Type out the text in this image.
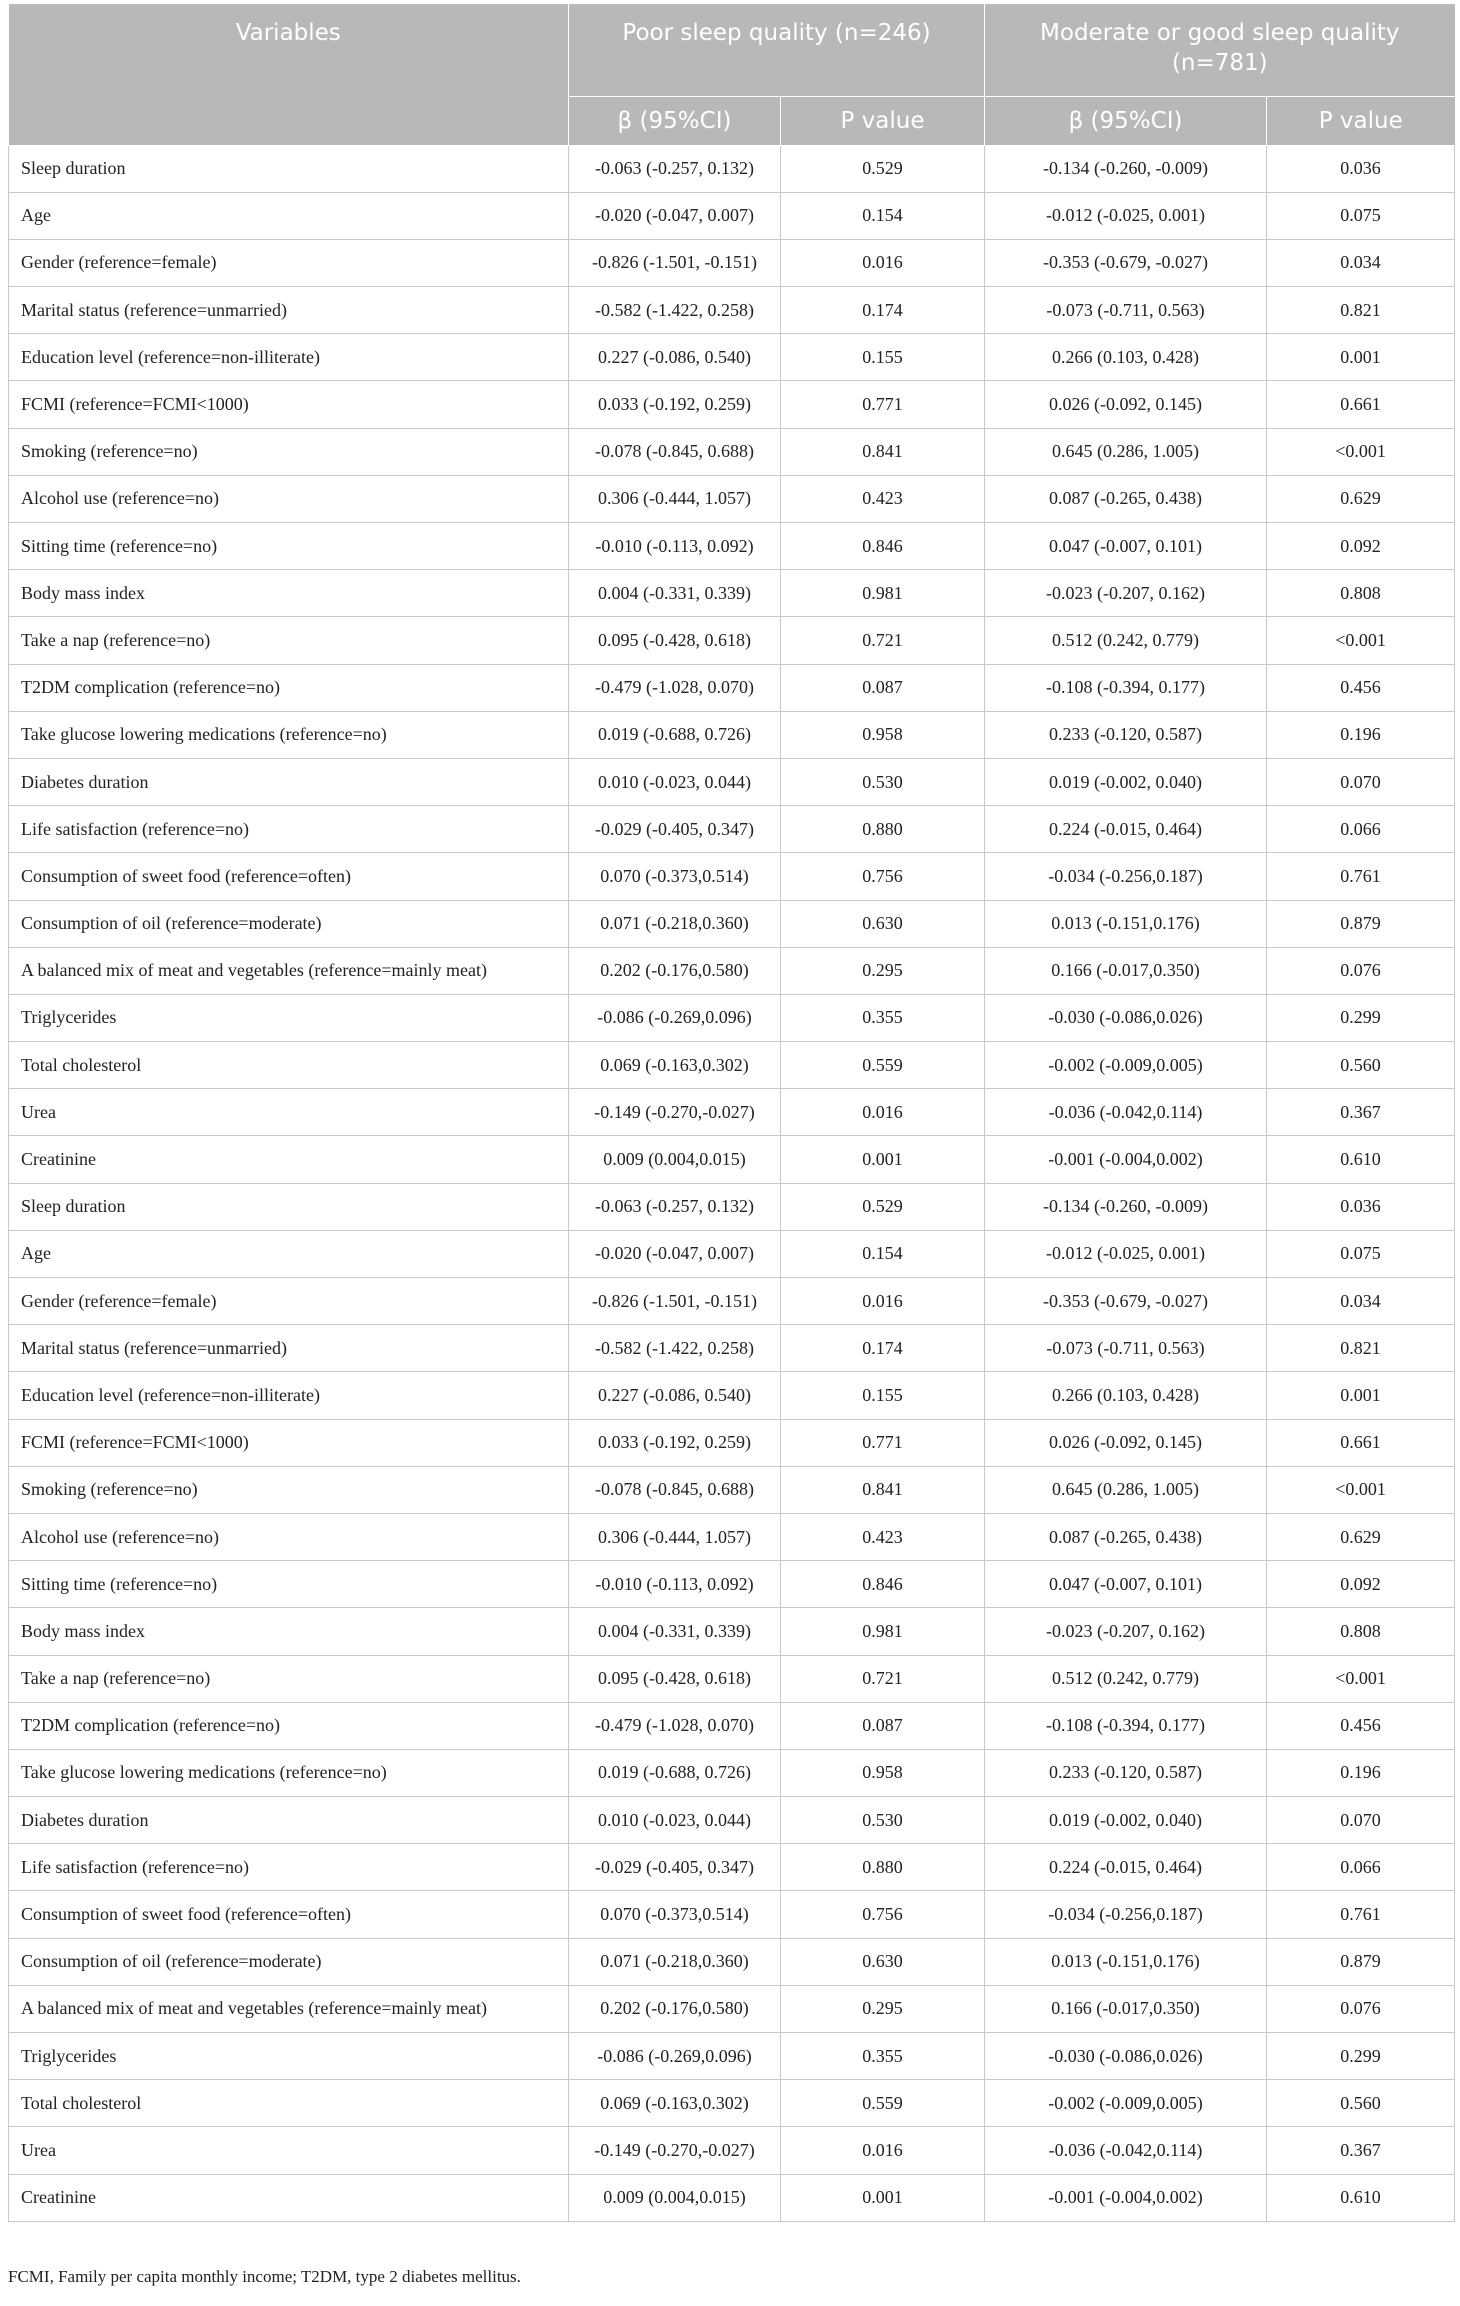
Variables	Poor sleep quality (n=246)		Moderate or good sleep quality (n=781)	
	β (95%CI)	P value	β (95%CI)	P value
Sleep duration	-0.063 (-0.257, 0.132)	0.529	-0.134 (-0.260, -0.009)	0.036
Age	-0.020 (-0.047, 0.007)	0.154	-0.012 (-0.025, 0.001)	0.075
Gender (reference=female)	-0.826 (-1.501, -0.151)	0.016	-0.353 (-0.679, -0.027)	0.034
Marital status (reference=unmarried)	-0.582 (-1.422, 0.258)	0.174	-0.073 (-0.711, 0.563)	0.821
Education level (reference=non-illiterate)	0.227 (-0.086, 0.540)	0.155	0.266 (0.103, 0.428)	0.001
FCMI (reference=FCMI<1000)	0.033 (-0.192, 0.259)	0.771	0.026 (-0.092, 0.145)	0.661
Smoking (reference=no)	-0.078 (-0.845, 0.688)	0.841	0.645 (0.286, 1.005)	<0.001
Alcohol use (reference=no)	0.306 (-0.444, 1.057)	0.423	0.087 (-0.265, 0.438)	0.629
Sitting time (reference=no)	-0.010 (-0.113, 0.092)	0.846	0.047 (-0.007, 0.101)	0.092
Body mass index	0.004 (-0.331, 0.339)	0.981	-0.023 (-0.207, 0.162)	0.808
Take a nap (reference=no)	0.095 (-0.428, 0.618)	0.721	0.512 (0.242, 0.779)	<0.001
T2DM complication (reference=no)	-0.479 (-1.028, 0.070)	0.087	-0.108 (-0.394, 0.177)	0.456
Take glucose lowering medications (reference=no)	0.019 (-0.688, 0.726)	0.958	0.233 (-0.120, 0.587)	0.196
Diabetes duration	0.010 (-0.023, 0.044)	0.530	0.019 (-0.002, 0.040)	0.070
Life satisfaction (reference=no)	-0.029 (-0.405, 0.347)	0.880	0.224 (-0.015, 0.464)	0.066
Consumption of sweet food (reference=often)	0.070 (-0.373,0.514)	0.756	-0.034 (-0.256,0.187)	0.761
Consumption of oil (reference=moderate)	0.071 (-0.218,0.360)	0.630	0.013 (-0.151,0.176)	0.879
A balanced mix of meat and vegetables (reference=mainly meat)	0.202 (-0.176,0.580)	0.295	0.166 (-0.017,0.350)	0.076
Triglycerides	-0.086 (-0.269,0.096)	0.355	-0.030 (-0.086,0.026)	0.299
Total cholesterol	0.069 (-0.163,0.302)	0.559	-0.002 (-0.009,0.005)	0.560
Urea	-0.149 (-0.270,-0.027)	0.016	-0.036 (-0.042,0.114)	0.367
Creatinine	0.009 (0.004,0.015)	0.001	-0.001 (-0.004,0.002)	0.610
Sleep duration	-0.063 (-0.257, 0.132)	0.529	-0.134 (-0.260, -0.009)	0.036
Age	-0.020 (-0.047, 0.007)	0.154	-0.012 (-0.025, 0.001)	0.075
Gender (reference=female)	-0.826 (-1.501, -0.151)	0.016	-0.353 (-0.679, -0.027)	0.034
Marital status (reference=unmarried)	-0.582 (-1.422, 0.258)	0.174	-0.073 (-0.711, 0.563)	0.821
Education level (reference=non-illiterate)	0.227 (-0.086, 0.540)	0.155	0.266 (0.103, 0.428)	0.001
FCMI (reference=FCMI<1000)	0.033 (-0.192, 0.259)	0.771	0.026 (-0.092, 0.145)	0.661
Smoking (reference=no)	-0.078 (-0.845, 0.688)	0.841	0.645 (0.286, 1.005)	<0.001
Alcohol use (reference=no)	0.306 (-0.444, 1.057)	0.423	0.087 (-0.265, 0.438)	0.629
Sitting time (reference=no)	-0.010 (-0.113, 0.092)	0.846	0.047 (-0.007, 0.101)	0.092
Body mass index	0.004 (-0.331, 0.339)	0.981	-0.023 (-0.207, 0.162)	0.808
Take a nap (reference=no)	0.095 (-0.428, 0.618)	0.721	0.512 (0.242, 0.779)	<0.001
T2DM complication (reference=no)	-0.479 (-1.028, 0.070)	0.087	-0.108 (-0.394, 0.177)	0.456
Take glucose lowering medications (reference=no)	0.019 (-0.688, 0.726)	0.958	0.233 (-0.120, 0.587)	0.196
Diabetes duration	0.010 (-0.023, 0.044)	0.530	0.019 (-0.002, 0.040)	0.070
Life satisfaction (reference=no)	-0.029 (-0.405, 0.347)	0.880	0.224 (-0.015, 0.464)	0.066
Consumption of sweet food (reference=often)	0.070 (-0.373,0.514)	0.756	-0.034 (-0.256,0.187)	0.761
Consumption of oil (reference=moderate)	0.071 (-0.218,0.360)	0.630	0.013 (-0.151,0.176)	0.879
A balanced mix of meat and vegetables (reference=mainly meat)	0.202 (-0.176,0.580)	0.295	0.166 (-0.017,0.350)	0.076
Triglycerides	-0.086 (-0.269,0.096)	0.355	-0.030 (-0.086,0.026)	0.299
Total cholesterol	0.069 (-0.163,0.302)	0.559	-0.002 (-0.009,0.005)	0.560
Urea	-0.149 (-0.270,-0.027)	0.016	-0.036 (-0.042,0.114)	0.367
Creatinine	0.009 (0.004,0.015)	0.001	-0.001 (-0.004,0.002)	0.610
FCMI, Family per capita monthly income; T2DM, type 2 diabetes mellitus.
